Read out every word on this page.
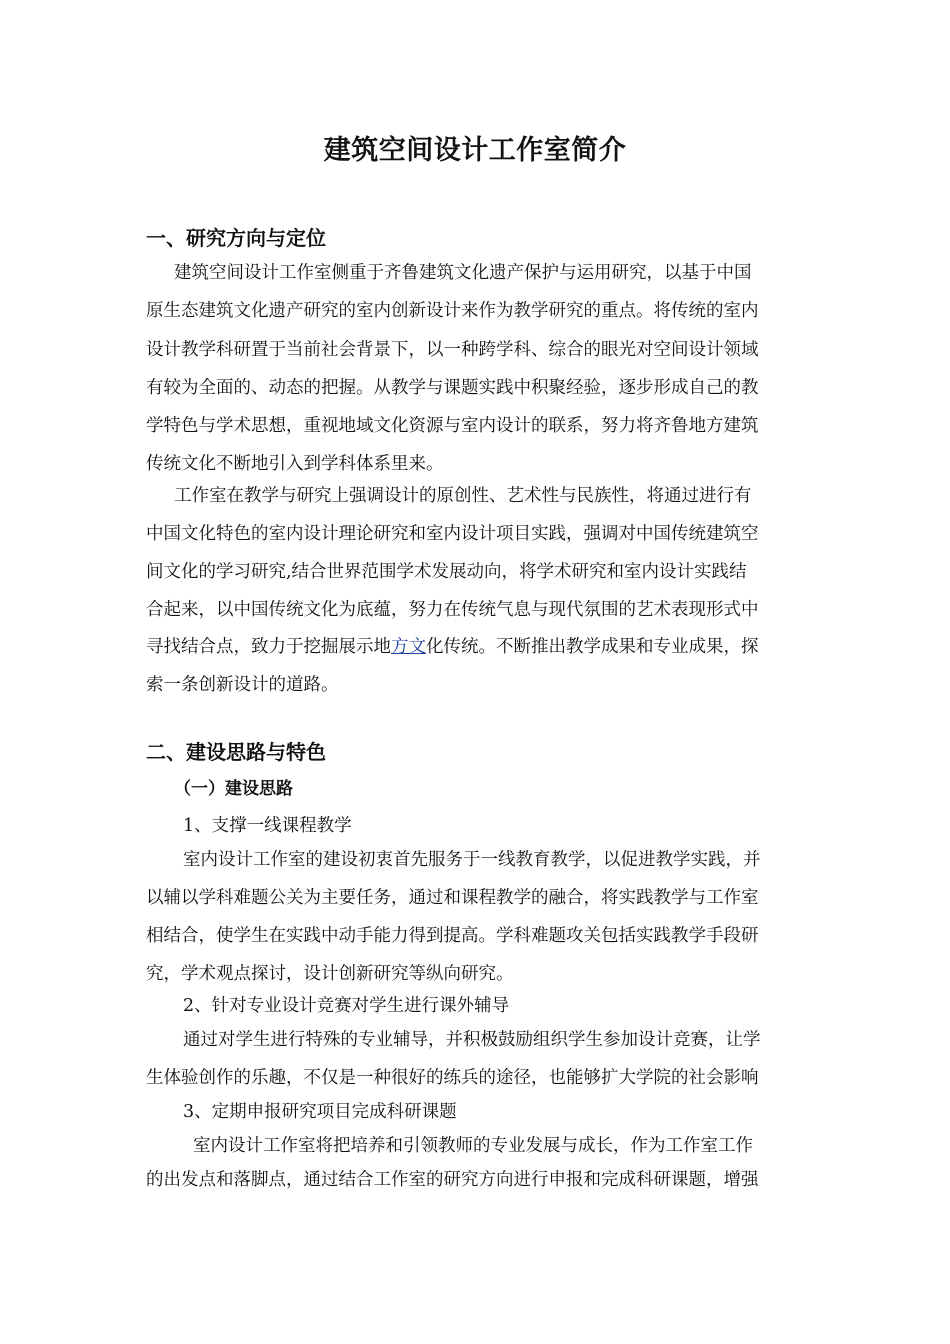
建筑空间设计工作室简介
一、研究方向与定位
建筑空间设计工作室侧重于齐鲁建筑文化遗产保护与运用研究，以基于中国
原生态建筑文化遗产研究的室内创新设计来作为教学研究的重点。将传统的室内
设计教学科研置于当前社会背景下，以一种跨学科、综合的眼光对空间设计领域
有较为全面的、动态的把握。从教学与课题实践中积聚经验，逐步形成自己的教
学特色与学术思想，重视地域文化资源与室内设计的联系，努力将齐鲁地方建筑
传统文化不断地引入到学科体系里来。
工作室在教学与研究上强调设计的原创性、艺术性与民族性，将通过进行有
中国文化特色的室内设计理论研究和室内设计项目实践，强调对中国传统建筑空
间文化的学习研究,结合世界范围学术发展动向，将学术研究和室内设计实践结
合起来，以中国传统文化为底蕴，努力在传统气息与现代氛围的艺术表现形式中
寻找结合点，致力于挖掘展示地方文化传统。不断推出教学成果和专业成果，探
索一条创新设计的道路。
二、建设思路与特色
（一）建设思路
1、支撑一线课程教学
室内设计工作室的建设初衷首先服务于一线教育教学，以促进教学实践，并
以辅以学科难题公关为主要任务，通过和课程教学的融合，将实践教学与工作室
相结合，使学生在实践中动手能力得到提高。学科难题攻关包括实践教学手段研
究，学术观点探讨，设计创新研究等纵向研究。
2、针对专业设计竞赛对学生进行课外辅导
通过对学生进行特殊的专业辅导，并积极鼓励组织学生参加设计竞赛，让学
生体验创作的乐趣，不仅是一种很好的练兵的途径，也能够扩大学院的社会影响
3、定期申报研究项目完成科研课题
室内设计工作室将把培养和引领教师的专业发展与成长，作为工作室工作
的出发点和落脚点，通过结合工作室的研究方向进行申报和完成科研课题，增强
